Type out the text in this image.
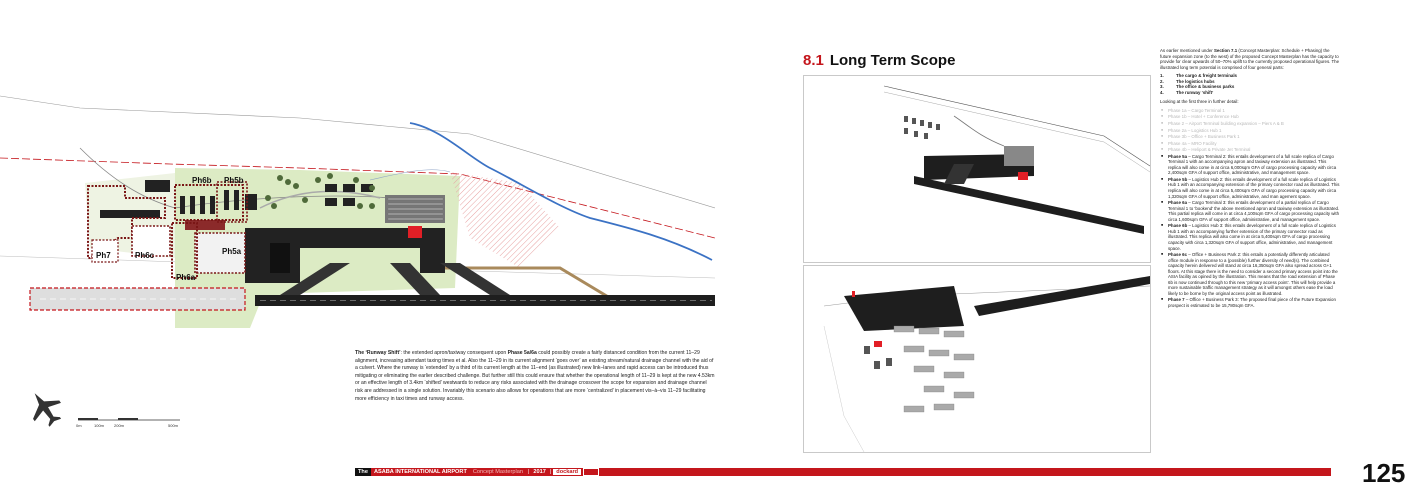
Ph6b Ph5b
Ph5a
Ph6a
Ph7	Ph6c
0m	100m 200m	500m
The ‘Runway Shift’: the extended apron/taxiway consequent upon Phase 5a/6a could possibly create a fairly distanced condition from the current 11–29 alignment, increasing attendant taxing times et al. Also the 11–29 in its current alignment ‘goes over’ an existing stream/natural drainage channel with the aid of a culvert. Where the runway is ‘extended’ by a third of its current length at the 11–end (as illustrated) new link–lanes and rapid access can be introduced thus mitigating or eliminating the earlier described challenge. But further still this could ensure that whether the operational length of 11–29 is kept at the new 4.53km or an effective length of 3.4km ‘shifted’ westwards to reduce any risks associated with the drainage crossover the scope for expansion and drainage channel risk are addressed in a single solution. Invariably this scenario also allows for operations that are more ‘centralized’ in placement vis–à–vis 11–29 facilitating more efficiency in taxi times and runway access.
8.1 Long Term Scope

As earlier mentioned under Section 7.1 (Concept Masterplan: Schedule + Phasing) the future expansion zone (to the west) of the proposed Concept Masterplan has the capacity to provide for clear upwards of 50–70% uplift to the currently proposed operational figures. The illustrated long term potential is comprised of four general parts:

1.	The cargo & freight terminals
2.	The logistics hubs
3.	The office & business parks
4.	The runway ‘shift’

Looking at the first three in further detail:

■ Phase 1a – Cargo Terminal 1
■ Phase 1b – Hotel + Conference Hub
■ Phase 2 – Airport Terminal building expansion – Piers A & B
■ Phase 2a – Logistics Hub 1
■ Phase 3b – Office + Business Park 1
■ Phase 4a – MRO Facility
■ Phase 4b – Heliport & Private Jet Terminal
■ Phase 5a – Cargo Terminal 2: this entails development of a full scale replica of Cargo Terminal 1 with an accompanying apron and taxiway extension as illustrated. This replica will also come in at circa 6,000sqm GFA of cargo processing capacity with circa 2,400sqm GFA of support office, administrative, and management space.
■ Phase 5b – Logistics Hub 2: this entails development of a full scale replica of Logistics Hub 1 with an accompanying extension of the primary connector road as illustrated. This replica will also come in at circa 5,400sqm GFA of cargo processing capacity with circa 1,320sqm GFA of support office, administrative, and man agement space.
■ Phase 6a – Cargo Terminal 3: this entails development of a partial replica of Cargo Terminal 1 to ‘bookend’ the above mentioned apron and taxiway extension as illustrated. This partial replica will come in at circa 4,100sqm GFA of cargo processing capacity with circa 1,600sqm GFA of support office, administrative, and management space.
■ Phase 6b – Logistics Hub 3: this entails development of a full scale replica of Logistics Hub 1 with an accompanying further extension of the primary connector road as illustrated. This replica will also come in at circa 5,400sqm GFA of cargo processing capacity with circa 1,320sqm GFA of support office, administrative, and management space.
■ Phase 6c – Office + Business Park 2: this entails a potentially differently articulated office module in response to a (possible) further diversity of need(s). The combined capacity herein delivered will stand at circa 16,350sqm GFA also spread across G+1 floors. At this stage there is the need to consider a second primary access point into the ASIA facility as opined by the illustration. This means that the road extension of Phase 6b is now continued through to this new ‘primary access point’. This will help provide a more sustainable traffic management strategy as it will amongst others ease the load likely to be borne by the original access point as illustrated.
■ Phase 7 – Office + Business Park 3: The proposed final piece of the Future Expansion prospect is estimated to be 15,780sqm GFA.
The	ASABA INTERNATIONAL AIRPORT	Concept Masterplan | 2017 | dockard	125
